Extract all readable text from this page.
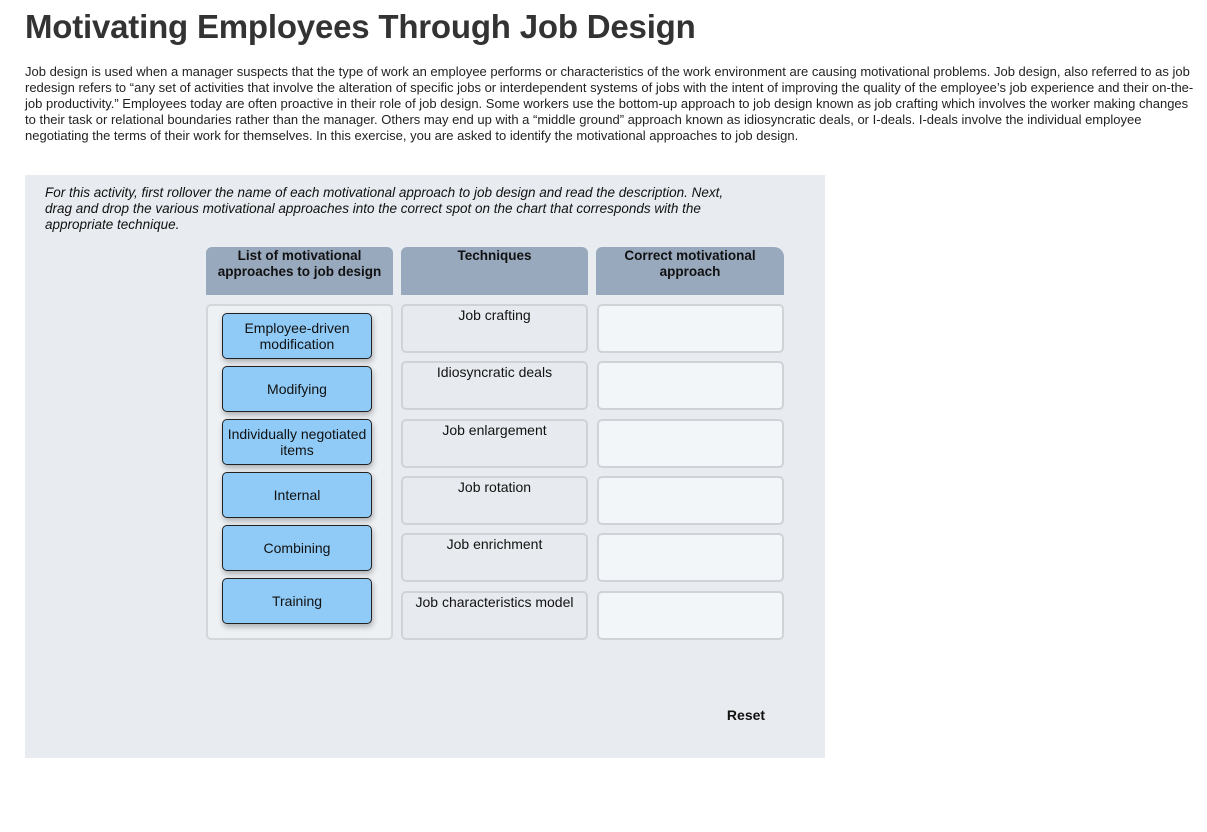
Motivating Employees Through Job Design

Job design is used when a manager suspects that the type of work an employee performs or characteristics of the work environment are causing motivational problems. Job design, also referred to as job redesign refers to “any set of activities that involve the alteration of specific jobs or interdependent systems of jobs with the intent of improving the quality of the employee’s job experience and their on-the-job productivity.” Employees today are often proactive in their role of job design. Some workers use the bottom-up approach to job design known as job crafting which involves the worker making changes to their task or relational boundaries rather than the manager. Others may end up with a “middle ground” approach known as idiosyncratic deals, or I-deals. I-deals involve the individual employee negotiating the terms of their work for themselves. In this exercise, you are asked to identify the motivational approaches to job design.

For this activity, first rollover the name of each motivational approach to job design and read the description. Next, drag and drop the various motivational approaches into the correct spot on the chart that corresponds with the appropriate technique.

List of motivational approaches to job design
Techniques	Correct motivational approach
Employee-driven modification
Modifying
Individually negotiated items
Internal
Combining
Training
Job crafting
Idiosyncratic deals
Job enlargement
Job rotation
Job enrichment
Job characteristics model
Reset
